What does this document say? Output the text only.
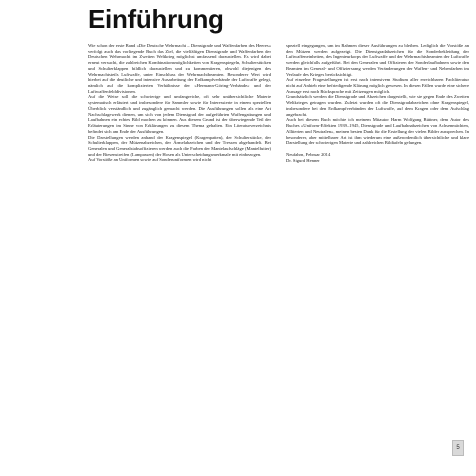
Einführung

Wie schon der erste Band »Die Deutsche Wehrmacht – Dienstgrade und Waffenfarben des Heeres« verfolgt auch das vorliegende Buch das Ziel, die vielfältigen Dienstgrade und Waffenfarben der Deutschen Wehrmacht im Zweiten Weltkrieg möglichst umfassend darzustellen. Es wird dabei erneut versucht, die zahlreichen Kombinationsmöglichkeiten von Kragenspiegeln, Schulterstücken und Schulterklappen bildlich darzustellen und zu kommentieren, obwohl diejenigen des Wehrmachtsteils Luftwaffe, unter Einschluss der Wehrmachtbeamten. Besonderer Wert wird hierbei auf die deutliche und intensive Ausarbeitung der Erdkampfverbände der Luftwaffe gelegt, nämlich auf die komplizierten Verhältnisse der »Hermann-Göring-Verbände« und der Luftwaffenfelddivisionen.

Auf die Weise soll die schwierige und umfangreiche, oft sehr unübersichtliche Materie systematisch erläutert und insbesondere für Sammler sowie für Interessierte in einem speziellen Überblick verständlich und zugänglich gemacht werden. Die Ausführungen sollen als eine Art Nachschlagewerk dienen, um sich von jedem Dienstgrad der aufgeführten Waffengattungen und Laufbahnen ein echtes Bild machen zu können. Aus diesem Grund ist der überwiegende Teil der Erläuterungen im Sinne von Erklärungen zu diesem Thema gehalten. Ein Literaturverzeichnis befindet sich am Ende der Ausführungen.

Die Darstellungen werden anhand der Kragenspiegel (Kragenpatten), der Schulterstücke, der Schulterklappen, der Mützenabzeichen, der Ärmelabzeichen und der Tressen abgehandelt. Bei Generalen und Generalstabsoffizieren werden auch die Farben der Mantelaufschläge (Mantelfutter) und der Biesenstreifen (Lampassen) der Hosen als Unterscheidungsmerkmale mit einbezogen.

Auf Vorstöße an Uniformen sowie auf Sonderuniformen wird nicht

speziell eingegangen, um im Rahmen dieser Ausführungen zu bleiben. Lediglich die Vorstöße an den Mützen werden aufgezeigt. Die Dienstgradabzeichen für die Sonderbekleidung der Luftwaffeneinheiten, des Ingenieurkorps der Luftwaffe und der Wehrmachtsbeamten der Luftwaffe werden gleichfalls aufgeführt. Bei den Generalen und Offizieren der Sonderlaufbahnen sowie den Beamten im General- und Offiziersrang werden Veränderungen der Waffen- und Nebenfarben im Verlaufe des Krieges berücksichtigt.

Auf einzelne Fragestellungen ist erst nach intensivem Studium aller erreichbaren Fachliteratur nicht auf Anhieb eine befriedigende Klärung möglich gewesen. In diesen Fällen wurde eine sichere Aussage erst nach Rücksprache mit Zeitzeugen möglich.

Grundsätzlich werden die Dienstgrade und Abzeichen dargestellt, wie sie gegen Ende des Zweiten Weltkrieges getragen wurden. Zuletzt wurden oft die Dienstgradabzeichen ohne Kragenspiegel, insbesondere bei den Erdkampfverbänden der Luftwaffe, auf dem Kragen oder dem Aufschlag angebracht.

Auch bei diesem Buch möchte ich meinem Mitautor Harm Wolfgang Büttner, dem Autor des Buches »Uniform-Effekten 1939–1945, Dienstgrade und Laufbahnabzeichen von Achsenmächten, Alliierten und Neutralen«, meinen besten Dank für die Erstellung der vielen Bilder aussprechen. In besonderer, aber mittelbarer Art ist ihm wiederum eine außerordentlich übersichtliche und klare Darstellung der schwierigen Materie und zahlreichen Bildtafeln gelungen.

Neufahrn, Februar 2014
Dr. Sigurd Henner

5
